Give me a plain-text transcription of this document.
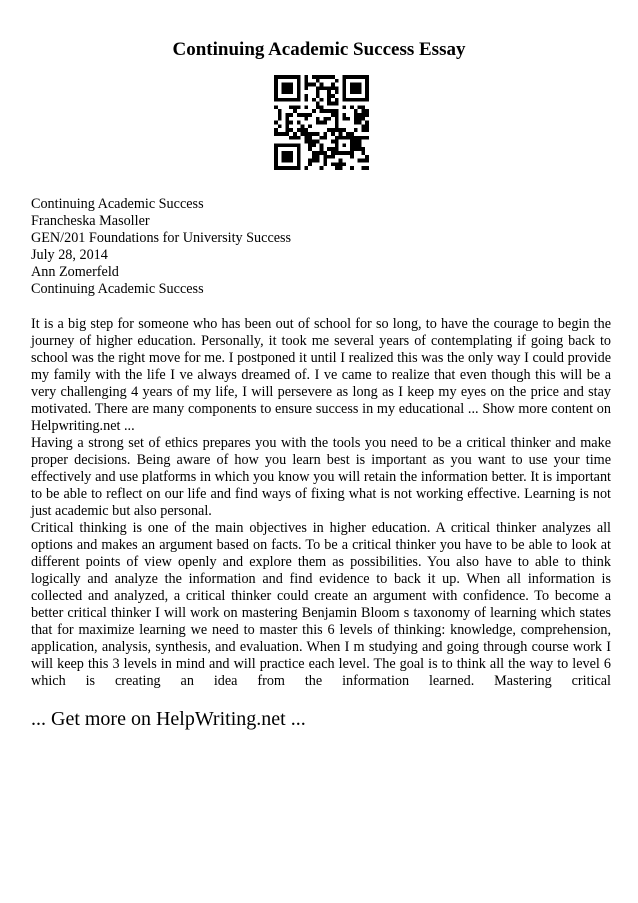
Continuing Academic Success Essay
Continuing Academic Success
Francheska Masoller
GEN/201 Foundations for University Success
July 28, 2014
Ann Zomerfeld
Continuing Academic Success

It is a big step for someone who has been out of school for so long, to have the courage to begin the journey of higher education. Personally, it took me several years of contemplating if going back to school was the right move for me. I postponed it until I realized this was the only way I could provide my family with the life I ve always dreamed of. I ve came to realize that even though this will be a very challenging 4 years of my life, I will persevere as long as I keep my eyes on the price and stay motivated. There are many components to ensure success in my educational ... Show more content on Helpwriting.net ...

Having a strong set of ethics prepares you with the tools you need to be a critical thinker and make proper decisions. Being aware of how you learn best is important as you want to use your time effectively and use platforms in which you know you will retain the information better. It is important to be able to reflect on our life and find ways of fixing what is not working effective. Learning is not just academic but also personal.

Critical thinking is one of the main objectives in higher education. A critical thinker analyzes all options and makes an argument based on facts. To be a critical thinker you have to be able to look at different points of view openly and explore them as possibilities. You also have to able to think logically and analyze the information and find evidence to back it up. When all information is collected and analyzed, a critical thinker could create an argument with confidence. To become a better critical thinker I will work on mastering Benjamin Bloom s taxonomy of learning which states that for maximize learning we need to master this 6 levels of thinking: knowledge, comprehension, application, analysis, synthesis, and evaluation. When I m studying and going through course work I will keep this 3 levels in mind and will practice each level. The goal is to think all the way to level 6 which is creating an idea from the information learned. Mastering critical

... Get more on HelpWriting.net ...
